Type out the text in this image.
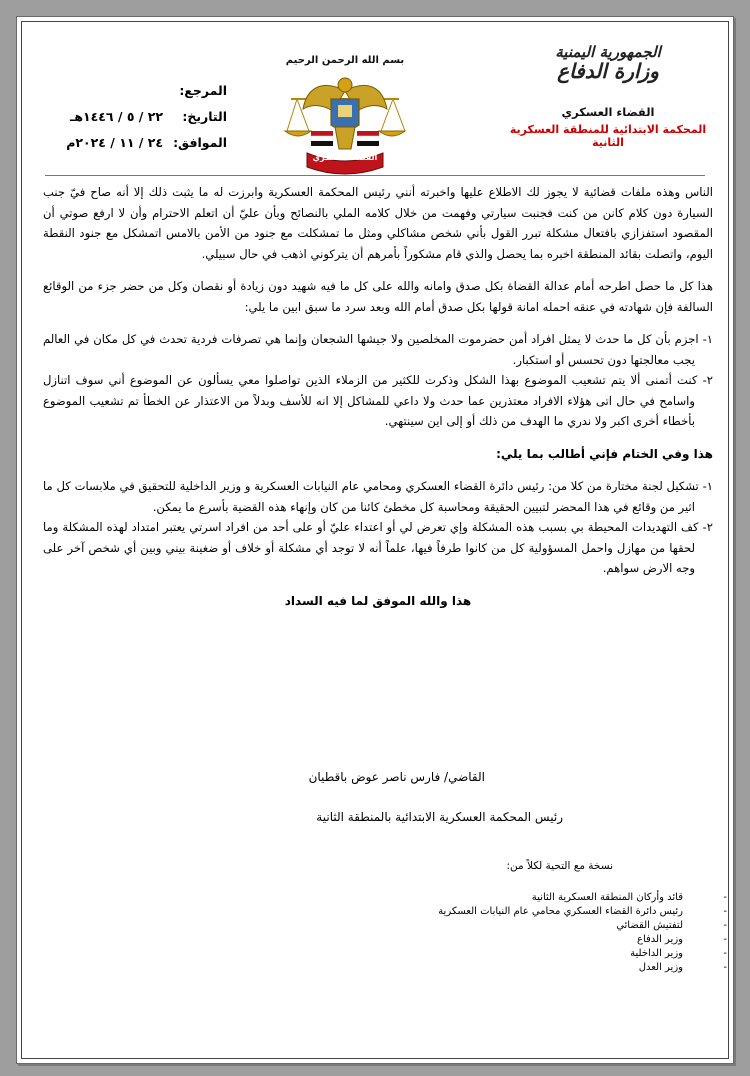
الجمهورية اليمنية
وزارة الدفاع
القضاء العسكري
المحكمة الابتدائية للمنطقة العسكرية الثانية
بسم الله الرحمن الرحيم
القضاء العسكري
المرجع:
التاريخ:
٢٢ / ٥ / ١٤٤٦هـ
الموافق:
٢٤ / ١١ / ٢٠٢٤م

الناس وهذه ملفات قضائية لا يجوز لك الاطلاع عليها واخبرته أنني رئيس المحكمة العسكرية وابرزت له ما يثبت ذلك إلا أنه صاح فيّ جنب السيارة دون كلام كانن من كنت فجنبت سيارتي وفهمت من خلال كلامه الملي بالنصائح وبأن عليّ أن اتعلم الاحترام وأن لا ارفع صوتي أن المقصود استفزازي بافتعال مشكلة تبرر القول بأني شخص مشاكلي ومثل ما تمشكلت مع جنود من الأمن بالامس اتمشكل مع جنود النقطة اليوم، واتصلت بقائد المنطقة اخبره بما يحصل والذي قام مشكوراً بأمرهم أن يتركوني اذهب في حال سبيلي.

هذا كل ما حصل اطرحه أمام عدالة القضاة بكل صدق وامانه والله على كل ما فيه شهيد دون زيادة أو نقصان وكل من حضر جزء من الوقائع السالفة فإن شهادته في عنقه احمله امانة قولها بكل صدق أمام الله وبعد سرد ما سبق ابين ما يلي:

١- اجزم بأن كل ما حدث لا يمثل افراد أمن حضرموت المخلصين ولا جيشها الشجعان وإنما هي تصرفات فردية تحدث في كل مكان في العالم يجب معالجتها دون تحسس أو استكبار.

٢- كنت أتمنى ألا يتم تشعيب الموضوع بهذا الشكل وذكرت للكثير من الزملاء الذين تواصلوا معي يسألون عن الموضوع أني سوف اتنازل واسامح في حال اتى هؤلاء الافراد معتذرين عما حدث ولا داعي للمشاكل إلا انه للأسف وبدلاً من الاعتذار عن الخطأ تم تشعيب الموضوع بأخطاء أخرى اكبر ولا ندري ما الهدف من ذلك أو إلى اين سينتهي.

هذا وفي الختام فإني أطالب بما يلي:

١- تشكيل لجنة مختارة من كلا من: رئيس دائرة القضاء العسكري ومحامي عام النيابات العسكرية و وزير الداخلية للتحقيق في ملابسات كل ما اثير من وقائع في هذا المحضر لتبيين الحقيقة ومحاسبة كل مخطئ كائنا من كان وإنهاء هذه القضية بأسرع ما يمكن.

٢- كف التهديدات المحيطة بي بسبب هذه المشكلة وإي تعرض لي أو اعتداء عليّ أو على أحد من افراد اسرتي يعتبر امتداد لهذه المشكلة وما لحقها من مهازل واحمل المسؤولية كل من كانوا طرفاً فيها، علماً أنه لا توجد أي مشكلة أو خلاف أو ضغينة بيني وبين أي شخص آخر على وجه الارض سواهم.

هذا والله الموفق لما فيه السداد

القاضي/ فارس ناصر عوض باقطيان
رئيس المحكمة العسكرية الابتدائية بالمنطقة الثانية
نسخة مع التحية لكلاً من:
-
قائد وأركان المنطقة العسكرية الثانية
-
رئيس دائرة القضاء العسكري محامي عام النيابات العسكرية
-
لتفتيش القضائي
-
وزير الدفاع
-
وزير الداخلية
-
وزير العدل
